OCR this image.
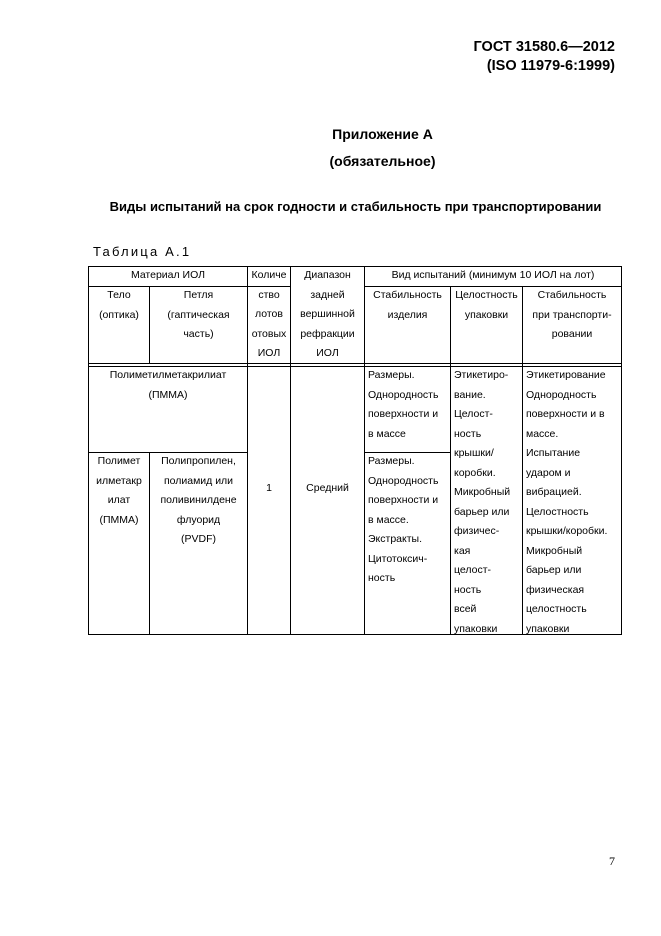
ГОСТ 31580.6—2012
(ISO 11979-6:1999)
Приложение А
(обязательное)
Виды испытаний на срок годности и стабильность при транспортировании
Таблица А.1
Материал ИОЛ	Вид испытаний (минимум 10 ИОЛ на лот)
Тело
(оптика)
Петля
(гаптическая
часть)
Количе
ство
лотов
отовых
ИОЛ
Диапазон
задней
вершинной
рефракции
ИОЛ
Стабильность
изделия
Целостность
упаковки
Стабильность
при транспорти-
ровании
Полиметилметакрилиат
(ПММА)
Размеры.
Однородность
поверхности и
в массе
Полимет
илметакр
илат
(ПММА)
Полипропилен,
полиамид или
поливинилдене
флуорид
(PVDF)
Размеры.
Однородность
поверхности и
в массе.
Экстракты.
Цитотоксич-
ность
1	Средний
Этикетиро-
вание.
Целост-
ность
крышки/
коробки.
Микробный
барьер или
физичес-
кая
целост-
ность
всей
упаковки
Этикетирование
Однородность
поверхности и в
массе.
Испытание
ударом и
вибрацией.
Целостность
крышки/коробки.
Микробный
барьер или
физическая
целостность
упаковки
7
